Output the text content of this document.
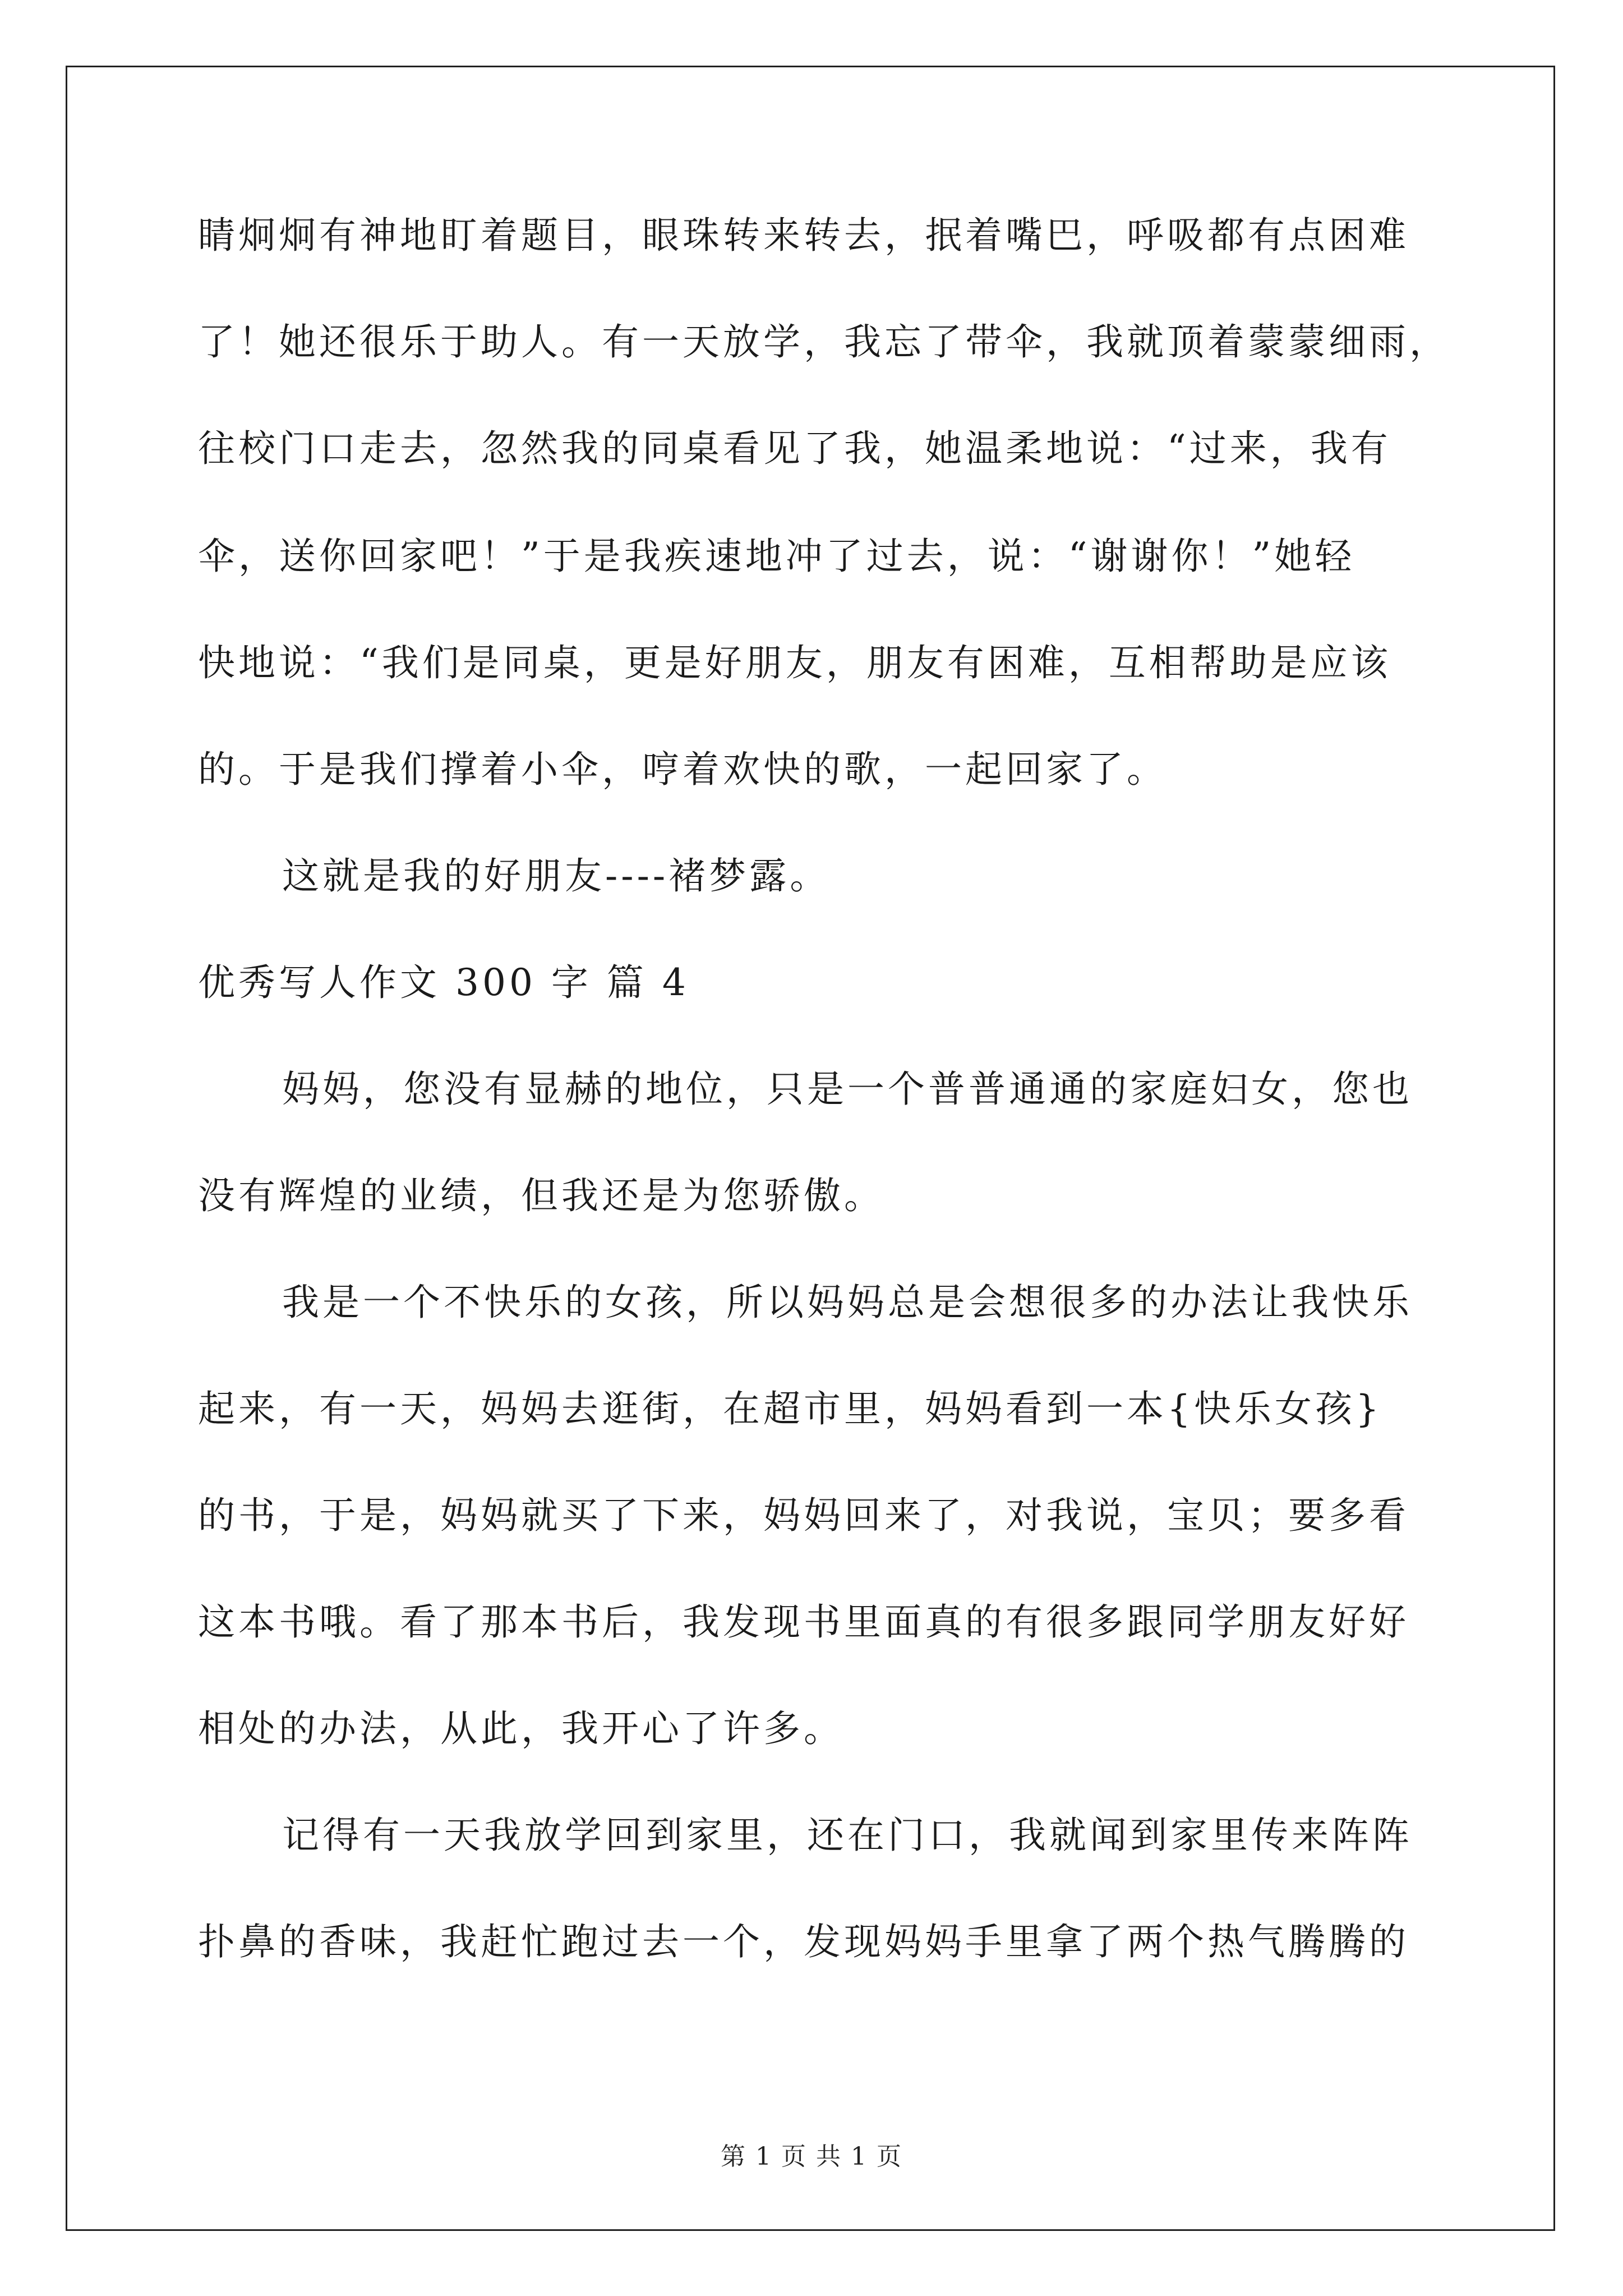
睛炯炯有神地盯着题目，眼珠转来转去，抿着嘴巴，呼吸都有点困难
了！她还很乐于助人。有一天放学，我忘了带伞，我就顶着蒙蒙细雨，
往校门口走去，忽然我的同桌看见了我，她温柔地说：“过来，我有
伞，送你回家吧！”于是我疾速地冲了过去，说：“谢谢你！”她轻
快地说：“我们是同桌，更是好朋友，朋友有困难，互相帮助是应该
的。于是我们撑着小伞，哼着欢快的歌，一起回家了。
这就是我的好朋友----褚梦露。
优秀写人作文 300 字 篇 4
妈妈，您没有显赫的地位，只是一个普普通通的家庭妇女，您也
没有辉煌的业绩，但我还是为您骄傲。
我是一个不快乐的女孩，所以妈妈总是会想很多的办法让我快乐
起来，有一天，妈妈去逛街，在超市里，妈妈看到一本{快乐女孩}
的书，于是，妈妈就买了下来，妈妈回来了，对我说，宝贝；要多看
这本书哦。看了那本书后，我发现书里面真的有很多跟同学朋友好好
相处的办法，从此，我开心了许多。
记得有一天我放学回到家里，还在门口，我就闻到家里传来阵阵
扑鼻的香味，我赶忙跑过去一个，发现妈妈手里拿了两个热气腾腾的
第 1 页 共 1 页
